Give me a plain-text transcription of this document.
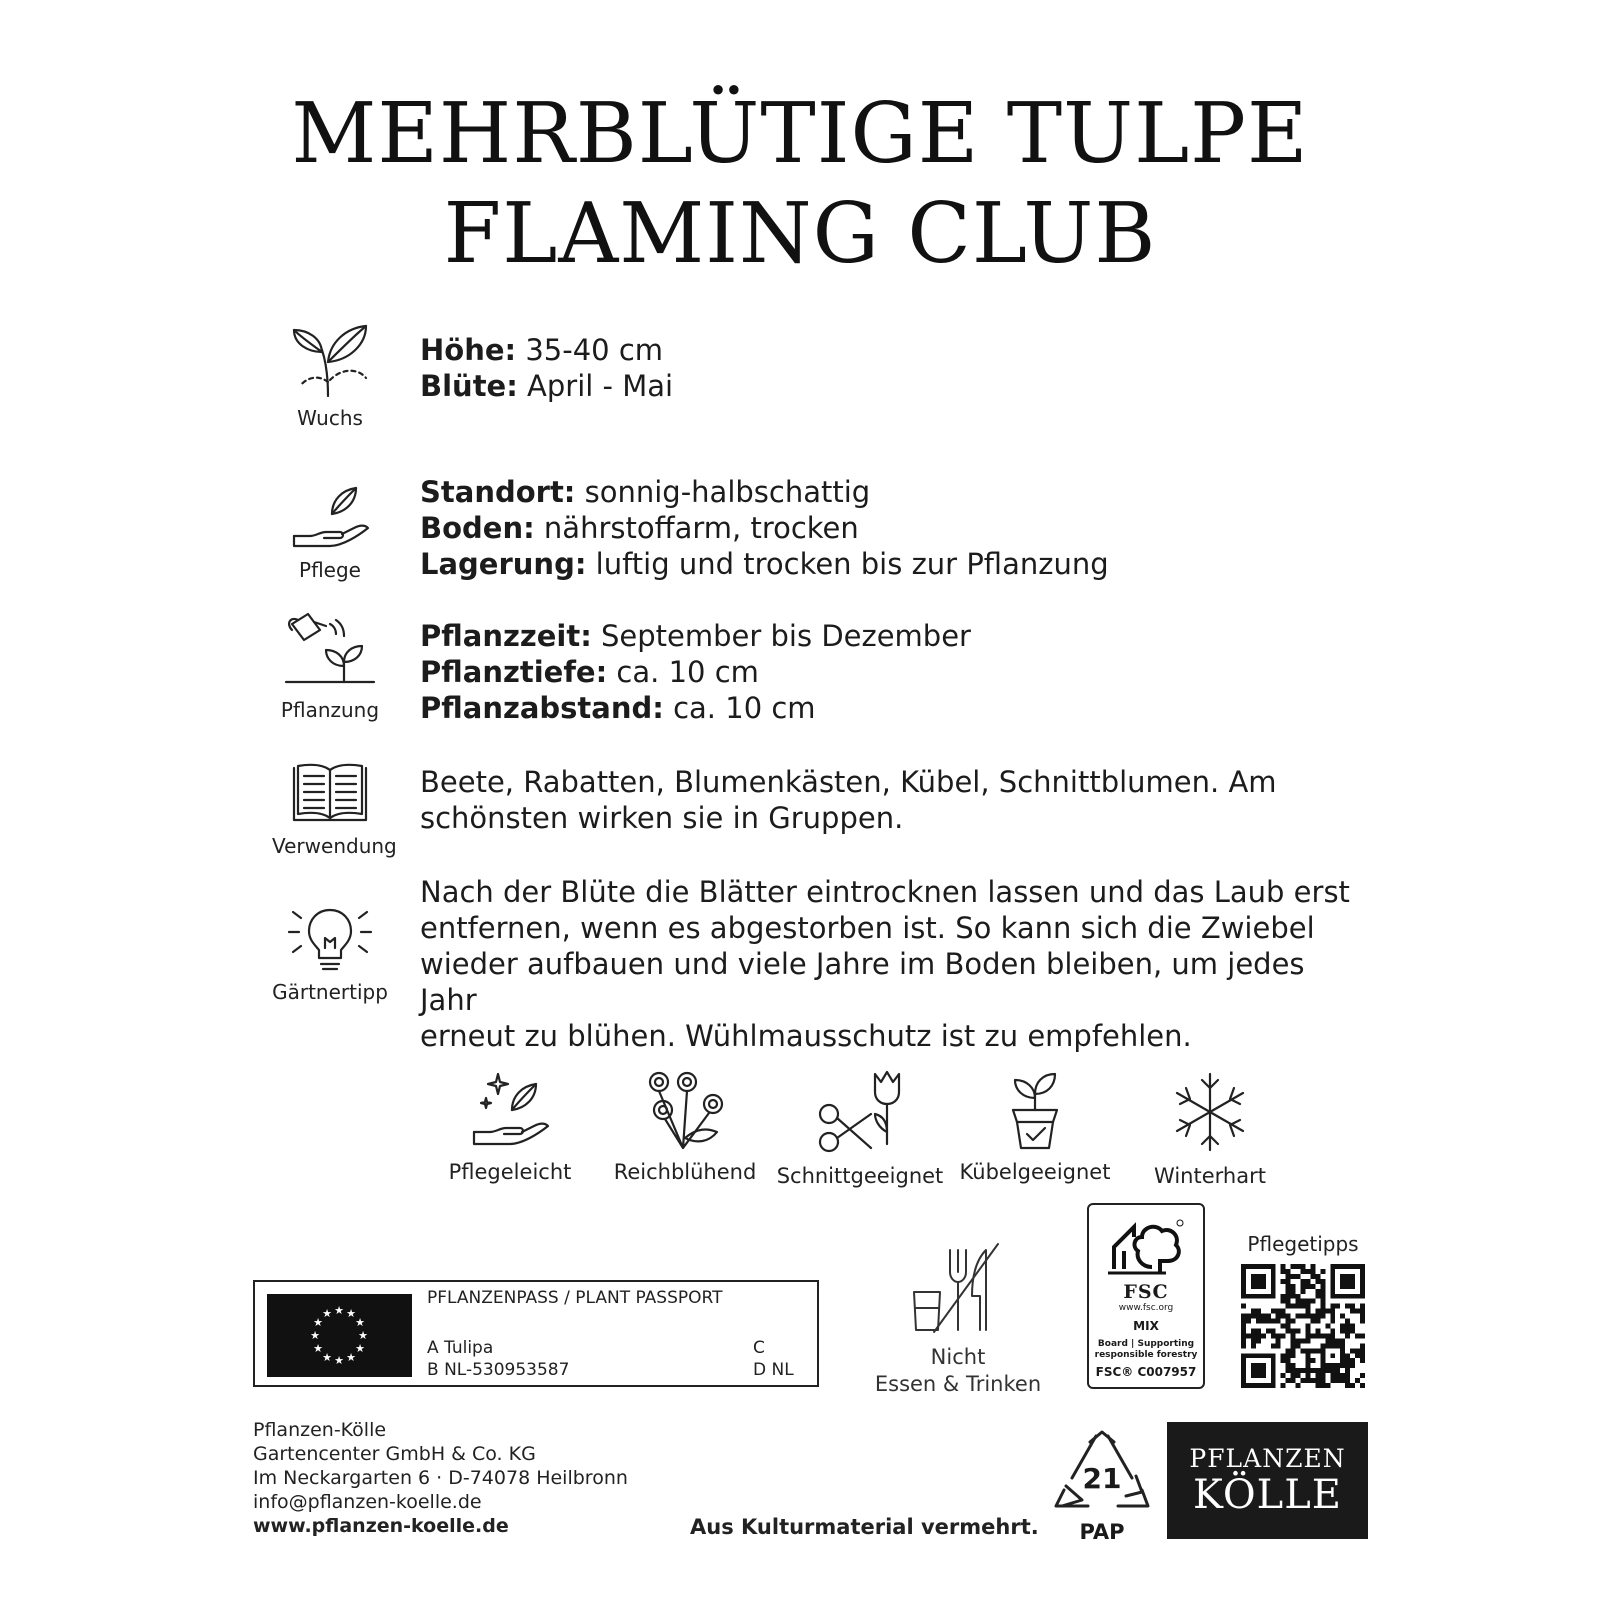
MEHRBLÜTIGE TULPE
FLAMING CLUB
Wuchs
Höhe: 35-40 cm
Blüte: April - Mai
Pflege
Standort: sonnig-halbschattig
Boden: nährstoffarm, trocken
Lagerung: luftig und trocken bis zur Pflanzung
Pflanzung
Pflanzzeit: September bis Dezember
Pflanztiefe: ca. 10 cm
Pflanzabstand: ca. 10 cm
Verwendung
Beete, Rabatten, Blumenkästen, Kübel, Schnittblumen. Am
schönsten wirken sie in Gruppen.
Gärtnertipp
Nach der Blüte die Blätter eintrocknen lassen und das Laub erst
entfernen, wenn es abgestorben ist. So kann sich die Zwiebel
wieder aufbauen und viele Jahre im Boden bleiben, um jedes Jahr
erneut zu blühen. Wühlmausschutz ist zu empfehlen.
Pflegeleicht	Reichblühend Schnittgeeignet Kübelgeeignet	Winterhart
★ ★
★
★
★
★
★
★
★
★
★
★
PFLANZENPASS / PLANT PASSPORT
A Tulipa
B NL-530953587
C
D NL
Nicht
Essen & Trinken
FSC
www.fsc.org
MIX
Board | Supporting
responsible forestry
FSC® C007957
Pflegetipps
Pflanzen-Kölle
Gartencenter GmbH & Co. KG
Im Neckargarten 6 · D-74078 Heilbronn
info@pflanzen-koelle.de
www.pflanzen-koelle.de	Aus Kulturmaterial vermehrt.
21
PAP
PFLANZEN
KÖLLE
